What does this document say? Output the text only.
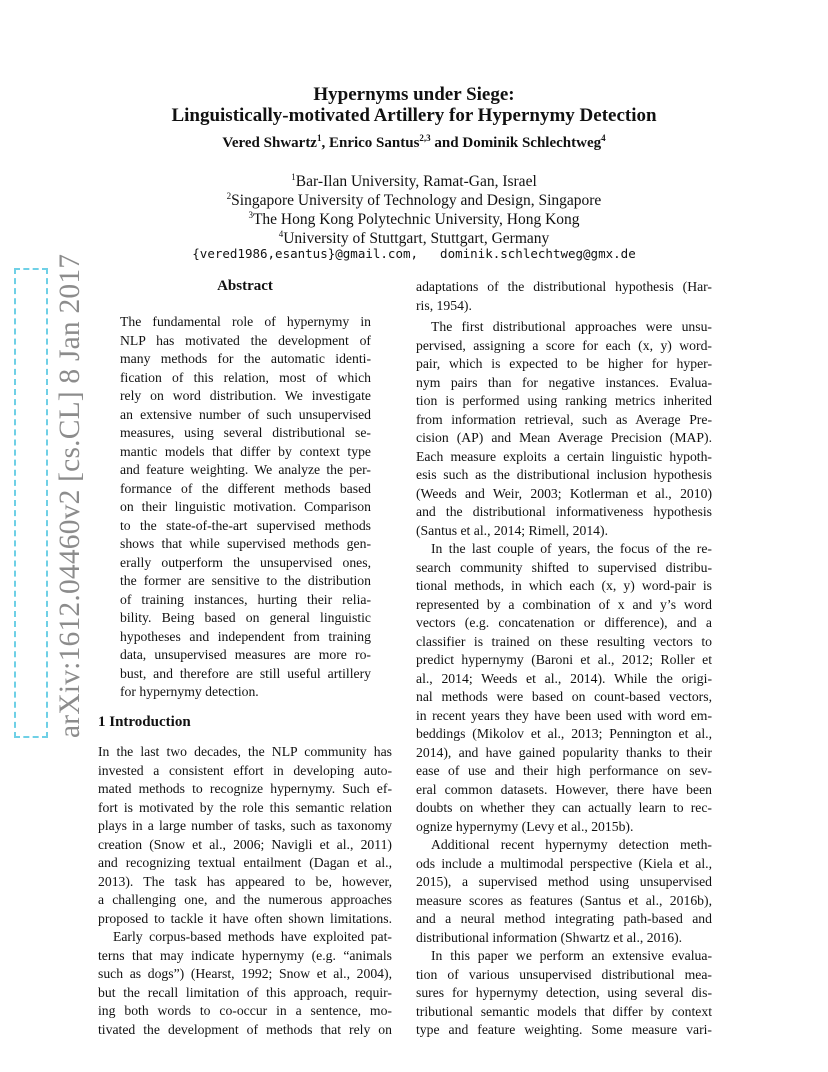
arXiv:1612.04460v2 [cs.CL] 8 Jan 2017
Hypernyms under Siege:
Linguistically-motivated Artillery for Hypernymy Detection
Vered Shwartz$^1$, Enrico Santus$^{2,3}$ and Dominik Schlechtweg$^4$
$^1$Bar-Ilan University, Ramat-Gan, Israel
$^2$Singapore University of Technology and Design, Singapore
$^3$The Hong Kong Polytechnic University, Hong Kong
$^4$University of Stuttgart, Stuttgart, Germany
{vered1986,esantus}@gmail.com, dominik.schlechtweg@gmx.de
Abstract
The fundamental role of hypernymy in
NLP has motivated the development of
many methods for the automatic identi-
fication of this relation, most of which
rely on word distribution. We investigate
an extensive number of such unsupervised
measures, using several distributional se-
mantic models that differ by context type
and feature weighting. We analyze the per-
formance of the different methods based
on their linguistic motivation. Comparison
to the state-of-the-art supervised methods
shows that while supervised methods gen-
erally outperform the unsupervised ones,
the former are sensitive to the distribution
of training instances, hurting their relia-
bility. Being based on general linguistic
hypotheses and independent from training
data, unsupervised measures are more ro-
bust, and therefore are still useful artillery
for hypernymy detection.
1 Introduction
In the last two decades, the NLP community has
invested a consistent effort in developing auto-
mated methods to recognize hypernymy. Such ef-
fort is motivated by the role this semantic relation
plays in a large number of tasks, such as taxonomy
creation (Snow et al., 2006; Navigli et al., 2011)
and recognizing textual entailment (Dagan et al.,
2013). The task has appeared to be, however,
a challenging one, and the numerous approaches
proposed to tackle it have often shown limitations.
Early corpus-based methods have exploited pat-
terns that may indicate hypernymy (e.g. “animals
such as dogs”) (Hearst, 1992; Snow et al., 2004),
but the recall limitation of this approach, requir-
ing both words to co-occur in a sentence, mo-
tivated the development of methods that rely on
adaptations of the distributional hypothesis (Har-
ris, 1954).
The first distributional approaches were unsu-
pervised, assigning a score for each (x, y) word-
pair, which is expected to be higher for hyper-
nym pairs than for negative instances. Evalua-
tion is performed using ranking metrics inherited
from information retrieval, such as Average Pre-
cision (AP) and Mean Average Precision (MAP).
Each measure exploits a certain linguistic hypoth-
esis such as the distributional inclusion hypothesis
(Weeds and Weir, 2003; Kotlerman et al., 2010)
and the distributional informativeness hypothesis
(Santus et al., 2014; Rimell, 2014).
In the last couple of years, the focus of the re-
search community shifted to supervised distribu-
tional methods, in which each (x, y) word-pair is
represented by a combination of x and y’s word
vectors (e.g. concatenation or difference), and a
classifier is trained on these resulting vectors to
predict hypernymy (Baroni et al., 2012; Roller et
al., 2014; Weeds et al., 2014). While the origi-
nal methods were based on count-based vectors,
in recent years they have been used with word em-
beddings (Mikolov et al., 2013; Pennington et al.,
2014), and have gained popularity thanks to their
ease of use and their high performance on sev-
eral common datasets. However, there have been
doubts on whether they can actually learn to rec-
ognize hypernymy (Levy et al., 2015b).
Additional recent hypernymy detection meth-
ods include a multimodal perspective (Kiela et al.,
2015), a supervised method using unsupervised
measure scores as features (Santus et al., 2016b),
and a neural method integrating path-based and
distributional information (Shwartz et al., 2016).
In this paper we perform an extensive evalua-
tion of various unsupervised distributional mea-
sures for hypernymy detection, using several dis-
tributional semantic models that differ by context
type and feature weighting. Some measure vari-
